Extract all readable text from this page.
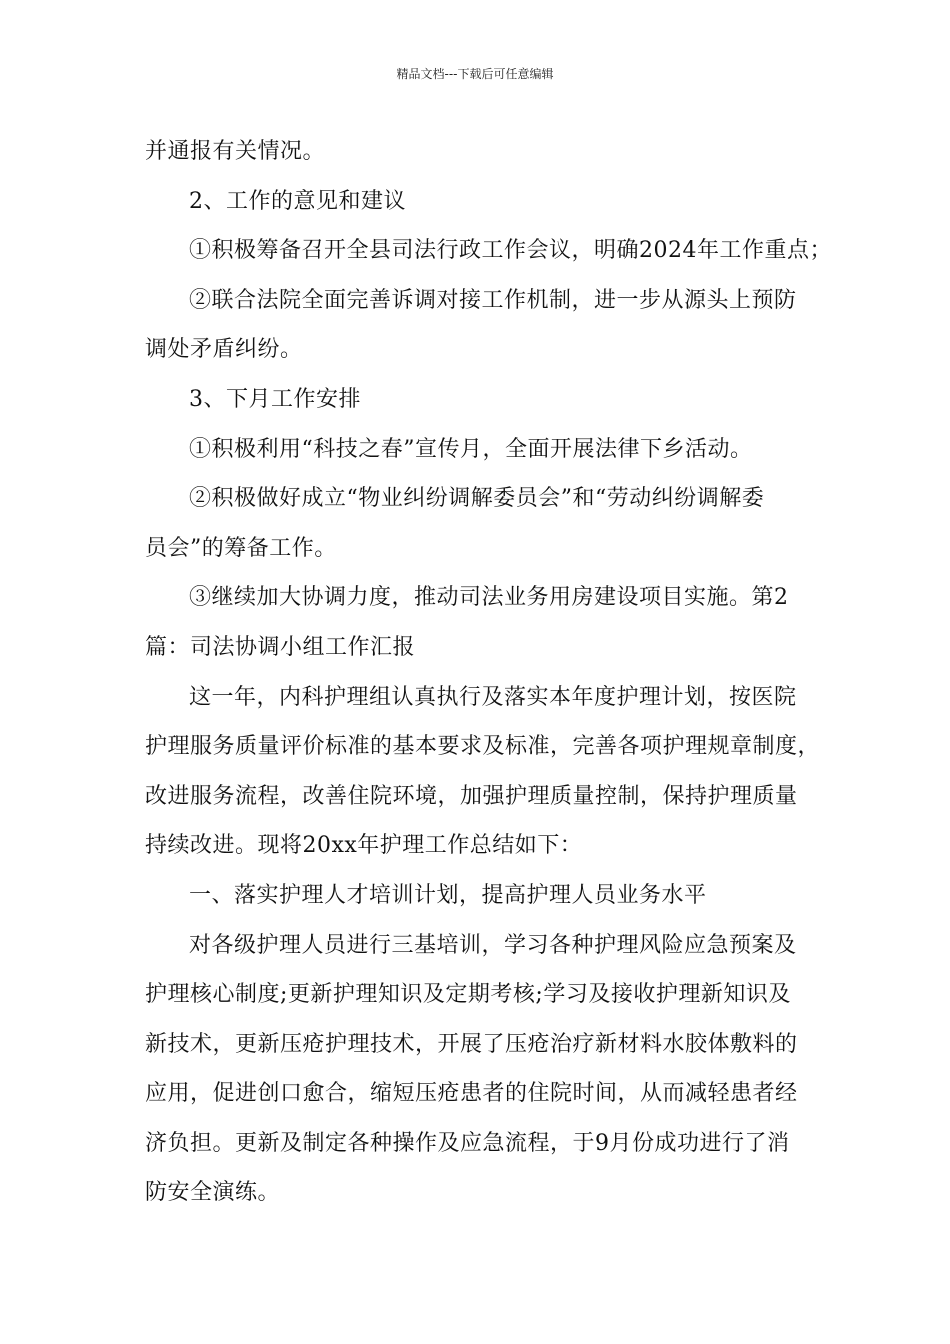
精品文档---下载后可任意编辑
并通报有关情况。
2、工作的意见和建议
①积极筹备召开全县司法行政工作会议，明确2024年工作重点；
②联合法院全面完善诉调对接工作机制，进一步从源头上预防
调处矛盾纠纷。
3、下月工作安排
①积极利用“科技之春”宣传月，全面开展法律下乡活动。
②积极做好成立“物业纠纷调解委员会”和“劳动纠纷调解委
员会”的筹备工作。
③继续加大协调力度，推动司法业务用房建设项目实施。第2
篇：司法协调小组工作汇报
这一年，内科护理组认真执行及落实本年度护理计划，按医院
护理服务质量评价标准的基本要求及标准，完善各项护理规章制度，
改进服务流程，改善住院环境，加强护理质量控制，保持护理质量
持续改进。现将20xx年护理工作总结如下：
一、落实护理人才培训计划，提高护理人员业务水平
对各级护理人员进行三基培训，学习各种护理风险应急预案及
护理核心制度;更新护理知识及定期考核;学习及接收护理新知识及
新技术，更新压疮护理技术，开展了压疮治疗新材料水胶体敷料的
应用，促进创口愈合，缩短压疮患者的住院时间，从而减轻患者经
济负担。更新及制定各种操作及应急流程，于9月份成功进行了消
防安全演练。
